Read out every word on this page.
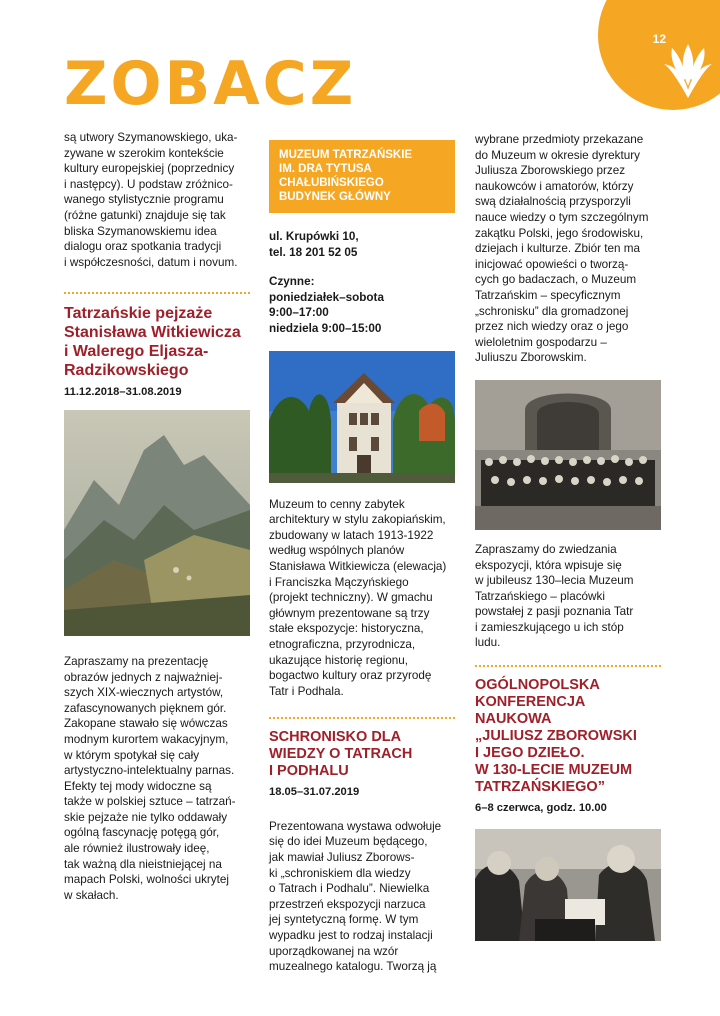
12
ZOBACZ

są utwory Szymanowskiego, uka-
zywane w szerokim kontekście
kultury europejskiej (poprzednicy
i następcy). U podstaw zróżnico-
wanego stylistycznie programu
(różne gatunki) znajduje się tak
bliska Szymanowskiemu idea
dialogu oraz spotkania tradycji
i współczesności, datum i novum.

Tatrzańskie pejzaże
Stanisława Witkiewicza
i Walerego Eljasza-
Radzikowskiego
11.12.2018–31.08.2019

Zapraszamy na prezentację
obrazów jednych z najważniej-
szych XIX-wiecznych artystów,
zafascynowanych pięknem gór.
Zakopane stawało się wówczas
modnym kurortem wakacyjnym,
w którym spotykał się cały
artystyczno-intelektualny parnas.
Efekty tej mody widoczne są
także w polskiej sztuce – tatrzań-
skie pejzaże nie tylko oddawały
ogólną fascynację potęgą gór,
ale również ilustrowały ideę,
tak ważną dla nieistniejącej na
mapach Polski, wolności ukrytej
w skałach.

MUZEUM TATRZAŃSKIE
IM. DRA TYTUSA
CHAŁUBIŃSKIEGO
BUDYNEK GŁÓWNY

ul. Krupówki 10,
tel. 18 201 52 05

Czynne:
poniedziałek–sobota
9:00–17:00
niedziela 9:00–15:00

Muzeum to cenny zabytek
architektury w stylu zakopiańskim,
zbudowany w latach 1913-1922
według wspólnych planów
Stanisława Witkiewicza (elewacja)
i Franciszka Mączyńskiego
(projekt techniczny). W gmachu
głównym prezentowane są trzy
stałe ekspozycje: historyczna,
etnograficzna, przyrodnicza,
ukazujące historię regionu,
bogactwo kultury oraz przyrodę
Tatr i Podhala.

SCHRONISKO DLA
WIEDZY O TATRACH
I PODHALU
18.05–31.07.2019

Prezentowana wystawa odwołuje
się do idei Muzeum będącego,
jak mawiał Juliusz Zborows-
ki „schroniskiem dla wiedzy
o Tatrach i Podhalu”. Niewielka
przestrzeń ekspozycji narzuca
jej syntetyczną formę. W tym
wypadku jest to rodzaj instalacji
uporządkowanej na wzór
muzealnego katalogu. Tworzą ją

wybrane przedmioty przekazane
do Muzeum w okresie dyrektury
Juliusza Zborowskiego przez
naukowców i amatorów, którzy
swą działalnością przysporzyli
nauce wiedzy o tym szczególnym
zakątku Polski, jego środowisku,
dziejach i kulturze. Zbiór ten ma
inicjować opowieści o tworzą-
cych go badaczach, o Muzeum
Tatrzańskim – specyficznym
„schronisku” dla gromadzonej
przez nich wiedzy oraz o jego
wieloletnim gospodarzu –
Juliuszu Zborowskim.

Zapraszamy do zwiedzania
ekspozycji, która wpisuje się
w jubileusz 130–lecia Muzeum
Tatrzańskiego – placówki
powstałej z pasji poznania Tatr
i zamieszkującego u ich stóp
ludu.

OGÓLNOPOLSKA
KONFERENCJA
NAUKOWA
„JULIUSZ ZBOROWSKI
I JEGO DZIEŁO.
W 130-LECIE MUZEUM
TATRZAŃSKIEGO”
6–8 czerwca, godz. 10.00
